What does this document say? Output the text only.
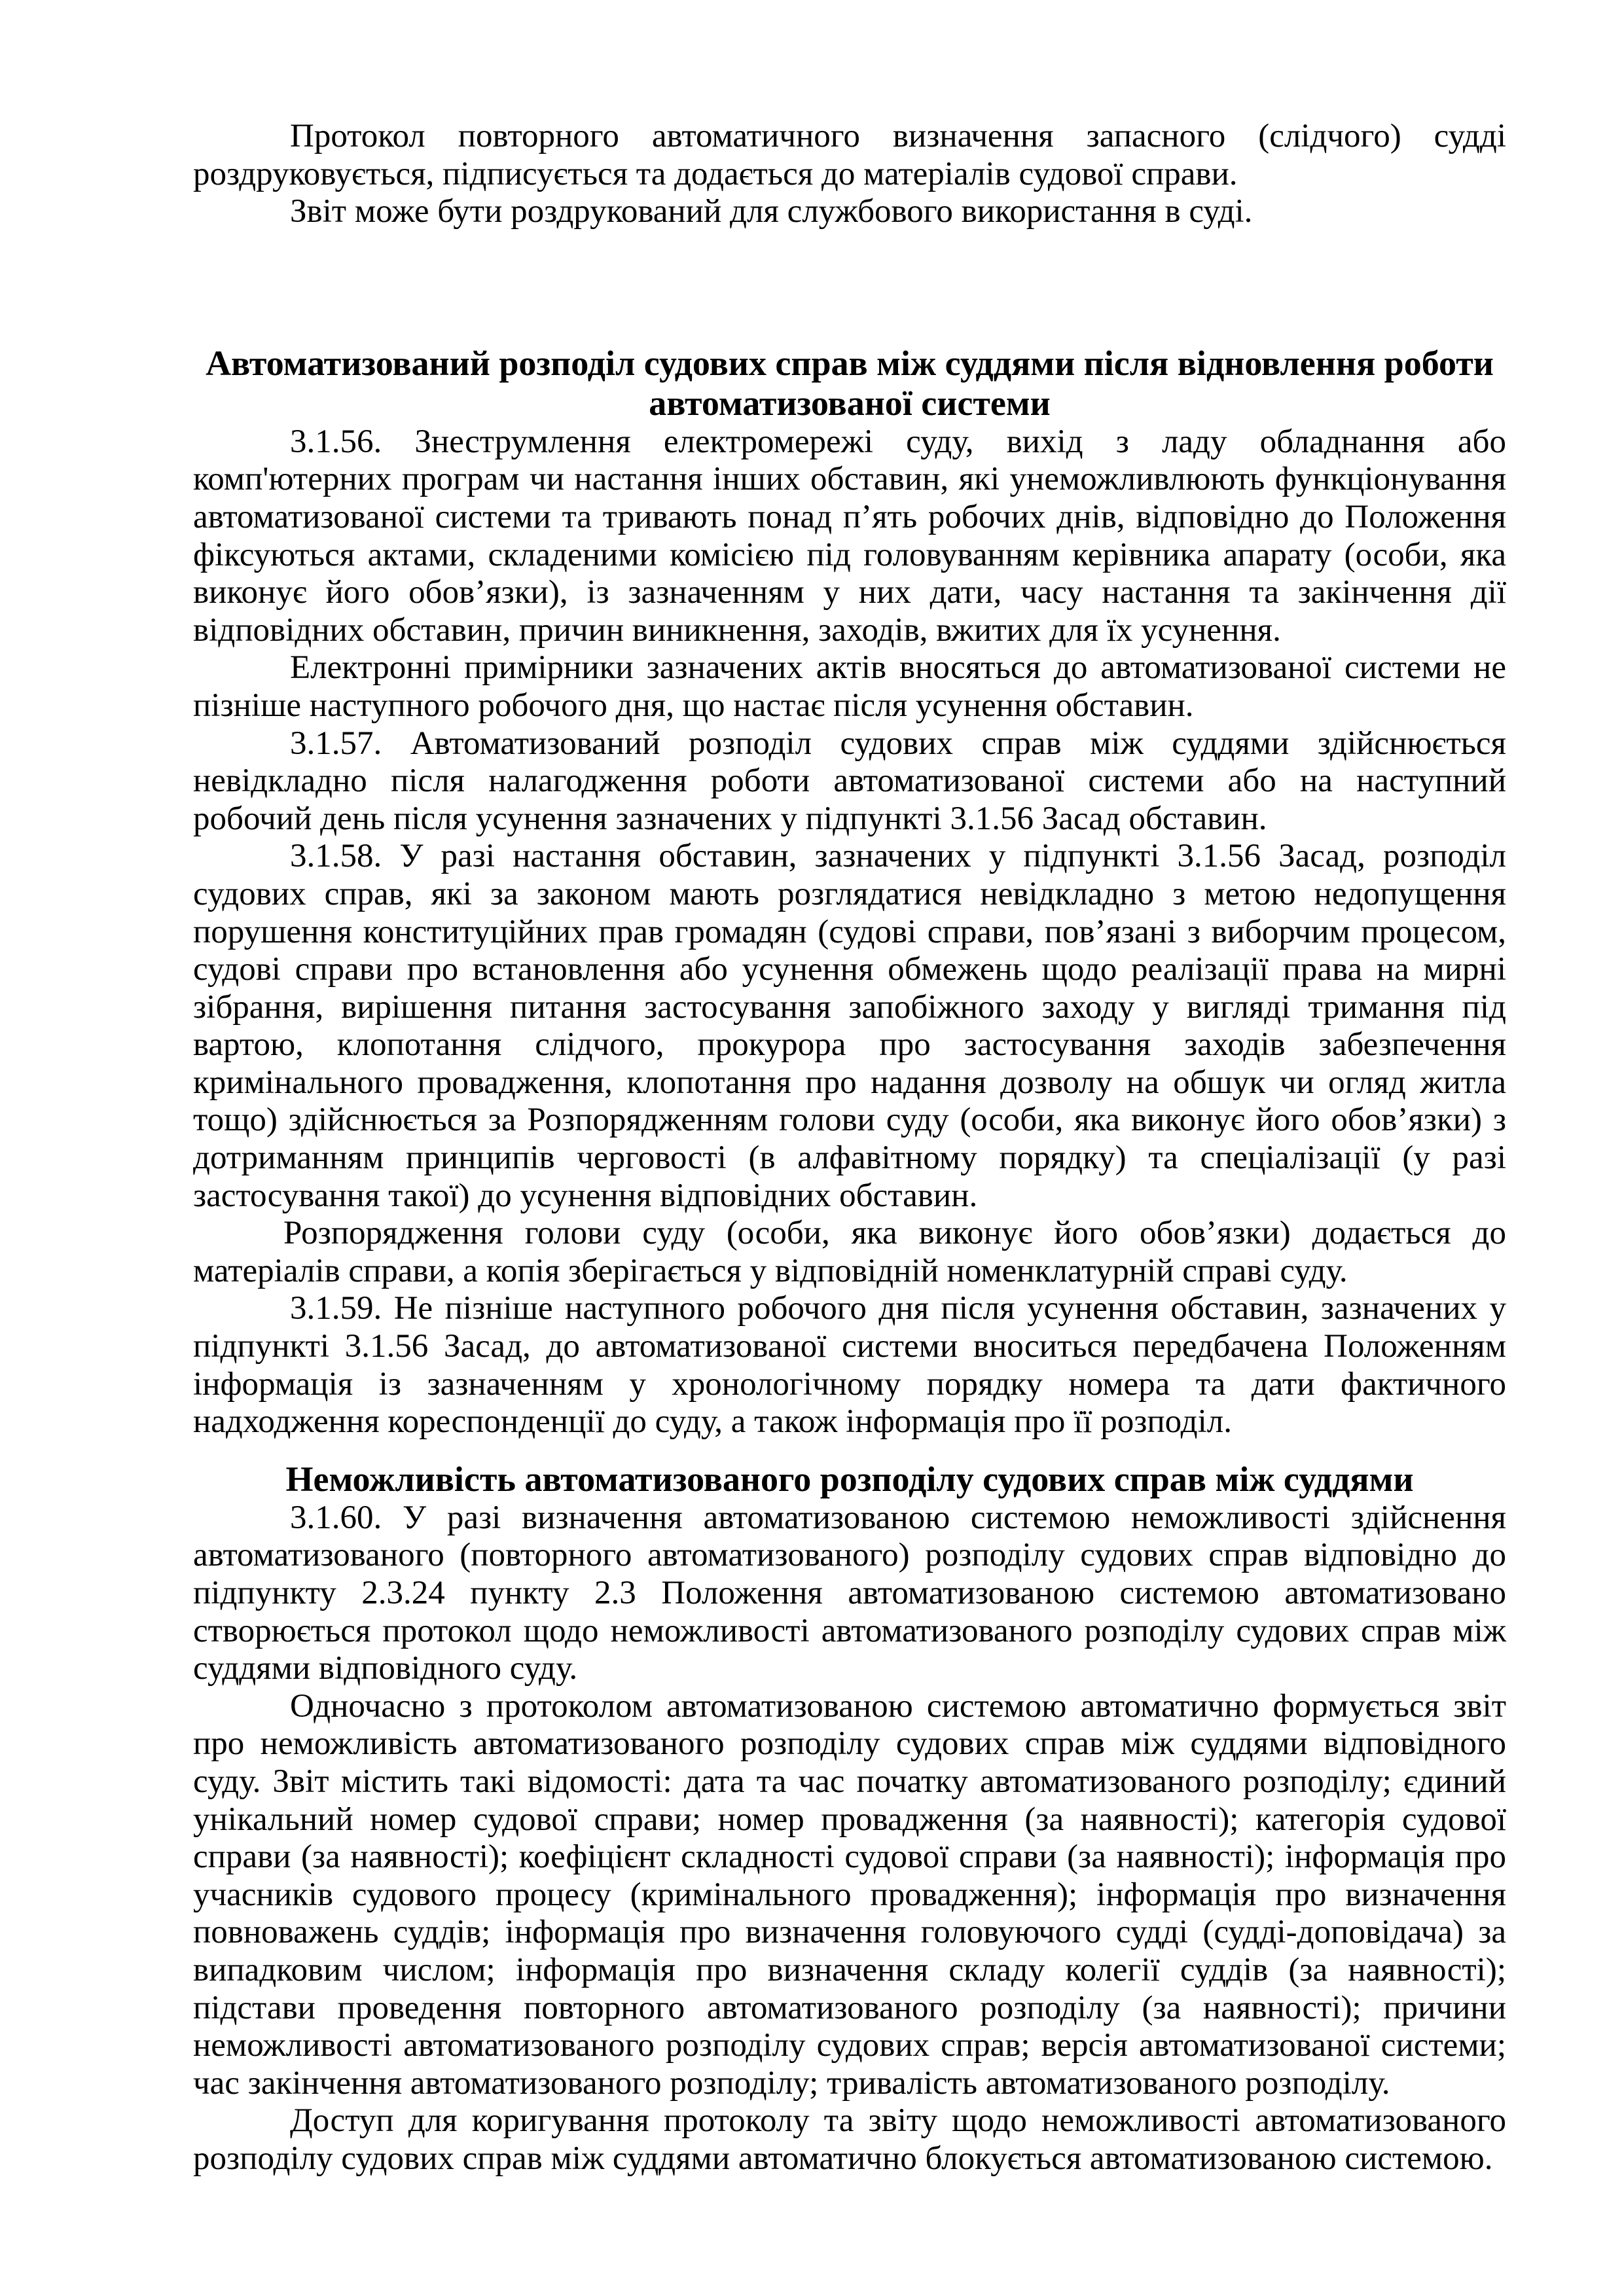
Протокол повторного автоматичного визначення запасного (слідчого) судді роздруковується, підписується та додається до матеріалів судової справи.

Звіт може бути роздрукований для службового використання в суді.

Автоматизований розподіл судових справ між суддями після відновлення роботи автоматизованої системи

3.1.56. Знеструмлення електромережі суду, вихід з ладу обладнання або комп'ютерних програм чи настання інших обставин, які унеможливлюють функціонування автоматизованої системи та тривають понад п’ять робочих днів, відповідно до Положення фіксуються актами, складеними комісією під головуванням керівника апарату (особи, яка виконує його обов’язки), із зазначенням у них дати, часу настання та закінчення дії відповідних обставин, причин виникнення, заходів, вжитих для їх усунення.

Електронні примірники зазначених актів вносяться до автоматизованої системи не пізніше наступного робочого дня, що настає після усунення обставин.

3.1.57. Автоматизований розподіл судових справ між суддями здійснюється невідкладно після налагодження роботи автоматизованої системи або на наступний робочий день після усунення зазначених у підпункті 3.1.56 Засад обставин.

3.1.58. У разі настання обставин, зазначених у підпункті 3.1.56 Засад, розподіл судових справ, які за законом мають розглядатися невідкладно з метою недопущення порушення конституційних прав громадян (судові справи, пов’язані з виборчим процесом, судові справи про встановлення або усунення обмежень щодо реалізації права на мирні зібрання, вирішення питання застосування запобіжного заходу у вигляді тримання під вартою, клопотання слідчого, прокурора про застосування заходів забезпечення кримінального провадження, клопотання про надання дозволу на обшук чи огляд житла тощо) здійснюється за Розпорядженням голови суду (особи, яка виконує його обов’язки) з дотриманням принципів черговості (в алфавітному порядку) та спеціалізації (у разі застосування такої) до усунення відповідних обставин.

Розпорядження голови суду (особи, яка виконує його обов’язки) додається до матеріалів справи, а копія зберігається у відповідній номенклатурній справі суду.

3.1.59. Не пізніше наступного робочого дня після усунення обставин, зазначених у підпункті 3.1.56 Засад, до автоматизованої системи вноситься передбачена Положенням інформація із зазначенням у хронологічному порядку номера та дати фактичного надходження кореспонденції до суду, а також інформація про її розподіл.

Неможливість автоматизованого розподілу судових справ між суддями

3.1.60. У разі визначення автоматизованою системою неможливості здійснення автоматизованого (повторного автоматизованого) розподілу судових справ відповідно до підпункту 2.3.24 пункту 2.3 Положення автоматизованою системою автоматизовано створюється протокол щодо неможливості автоматизованого розподілу судових справ між суддями відповідного суду.

Одночасно з протоколом автоматизованою системою автоматично формується звіт про неможливість автоматизованого розподілу судових справ між суддями відповідного суду. Звіт містить такі відомості: дата та час початку автоматизованого розподілу; єдиний унікальний номер судової справи; номер провадження (за наявності); категорія судової справи (за наявності); коефіцієнт складності судової справи (за наявності); інформація про учасників судового процесу (кримінального провадження); інформація про визначення повноважень суддів; інформація про визначення головуючого судді (судді-доповідача) за випадковим числом; інформація про визначення складу колегії суддів (за наявності); підстави проведення повторного автоматизованого розподілу (за наявності); причини неможливості автоматизованого розподілу судових справ; версія автоматизованої системи; час закінчення автоматизованого розподілу; тривалість автоматизованого розподілу.

Доступ для коригування протоколу та звіту щодо неможливості автоматизованого розподілу судових справ між суддями автоматично блокується автоматизованою системою.
